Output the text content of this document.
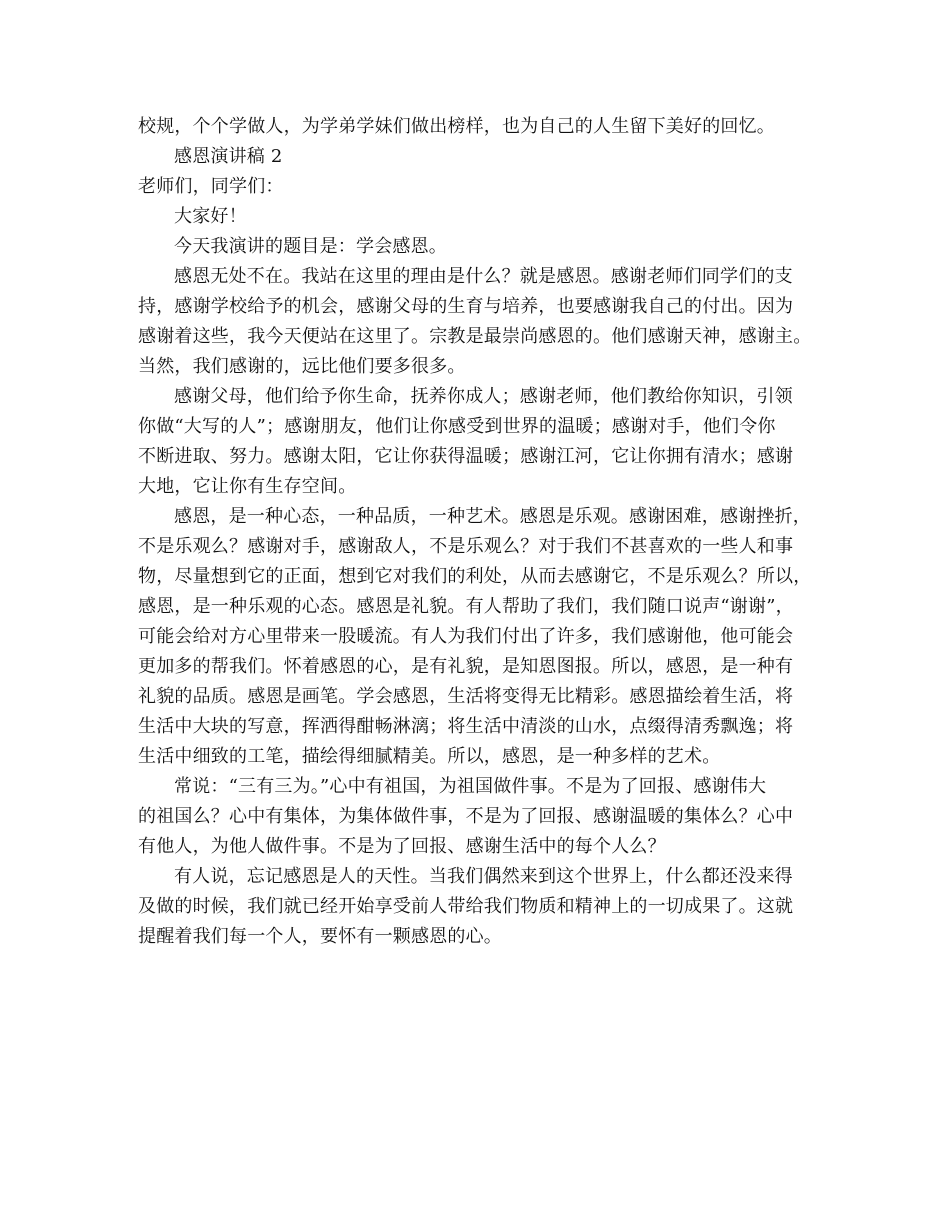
校规，个个学做人，为学弟学妹们做出榜样，也为自己的人生留下美好的回忆。
感恩演讲稿 2
老师们，同学们：
大家好！
今天我演讲的题目是：学会感恩。
感恩无处不在。我站在这里的理由是什么？就是感恩。感谢老师们同学们的支
持，感谢学校给予的机会，感谢父母的生育与培养，也要感谢我自己的付出。因为
感谢着这些，我今天便站在这里了。宗教是最崇尚感恩的。他们感谢天神，感谢主。
当然，我们感谢的，远比他们要多很多。
感谢父母，他们给予你生命，抚养你成人；感谢老师，他们教给你知识，引领
你做“大写的人”；感谢朋友，他们让你感受到世界的温暖；感谢对手，他们令你
不断进取、努力。感谢太阳，它让你获得温暖；感谢江河，它让你拥有清水；感谢
大地，它让你有生存空间。
感恩，是一种心态，一种品质，一种艺术。感恩是乐观。感谢困难，感谢挫折，
不是乐观么？感谢对手，感谢敌人，不是乐观么？对于我们不甚喜欢的一些人和事
物，尽量想到它的正面，想到它对我们的利处，从而去感谢它，不是乐观么？所以，
感恩，是一种乐观的心态。感恩是礼貌。有人帮助了我们，我们随口说声“谢谢”，
可能会给对方心里带来一股暖流。有人为我们付出了许多，我们感谢他，他可能会
更加多的帮我们。怀着感恩的心，是有礼貌，是知恩图报。所以，感恩，是一种有
礼貌的品质。感恩是画笔。学会感恩，生活将变得无比精彩。感恩描绘着生活，将
生活中大块的写意，挥洒得酣畅淋漓；将生活中清淡的山水，点缀得清秀飘逸；将
生活中细致的工笔，描绘得细腻精美。所以，感恩，是一种多样的艺术。
常说：“三有三为。”心中有祖国，为祖国做件事。不是为了回报、感谢伟大
的祖国么？心中有集体，为集体做件事，不是为了回报、感谢温暖的集体么？心中
有他人，为他人做件事。不是为了回报、感谢生活中的每个人么？
有人说，忘记感恩是人的天性。当我们偶然来到这个世界上，什么都还没来得
及做的时候，我们就已经开始享受前人带给我们物质和精神上的一切成果了。这就
提醒着我们每一个人，要怀有一颗感恩的心。
